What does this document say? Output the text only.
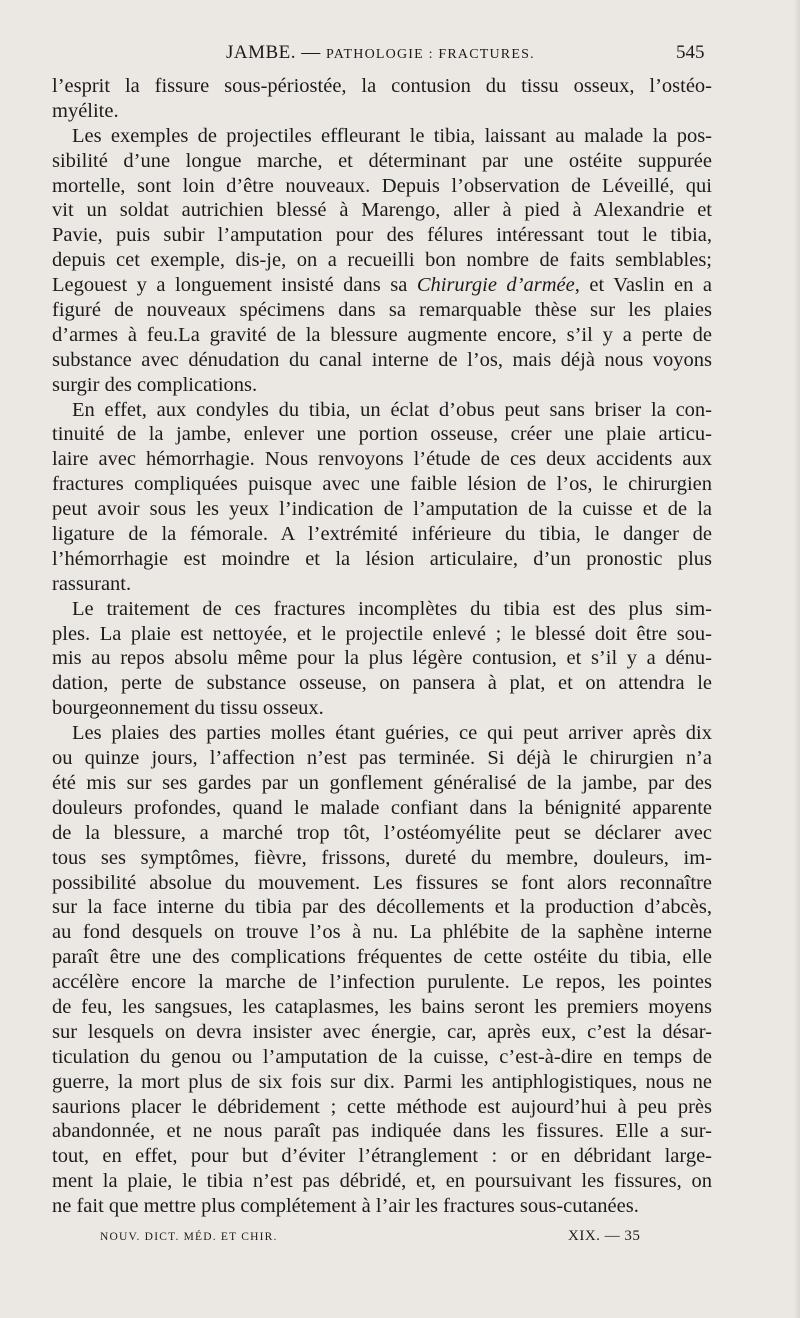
JAMBE. — PATHOLOGIE : FRACTURES.	545
l’esprit la fissure sous-périostée, la contusion du tissu osseux, l’ostéo-
myélite.
Les exemples de projectiles effleurant le tibia, laissant au malade la pos-
sibilité d’une longue marche, et déterminant par une ostéite suppurée
mortelle, sont loin d’être nouveaux. Depuis l’observation de Léveillé, qui
vit un soldat autrichien blessé à Marengo, aller à pied à Alexandrie et
Pavie, puis subir l’amputation pour des félures intéressant tout le tibia,
depuis cet exemple, dis-je, on a recueilli bon nombre de faits semblables;
Legouest y a longuement insisté dans sa Chirurgie d’armée, et Vaslin en a
figuré de nouveaux spécimens dans sa remarquable thèse sur les plaies
d’armes à feu.La gravité de la blessure augmente encore, s’il y a perte de
substance avec dénudation du canal interne de l’os, mais déjà nous voyons
surgir des complications.
En effet, aux condyles du tibia, un éclat d’obus peut sans briser la con-
tinuité de la jambe, enlever une portion osseuse, créer une plaie articu-
laire avec hémorrhagie. Nous renvoyons l’étude de ces deux accidents aux
fractures compliquées puisque avec une faible lésion de l’os, le chirurgien
peut avoir sous les yeux l’indication de l’amputation de la cuisse et de la
ligature de la fémorale. A l’extrémité inférieure du tibia, le danger de
l’hémorrhagie est moindre et la lésion articulaire, d’un pronostic plus
rassurant.
Le traitement de ces fractures incomplètes du tibia est des plus sim-
ples. La plaie est nettoyée, et le projectile enlevé ; le blessé doit être sou-
mis au repos absolu même pour la plus légère contusion, et s’il y a dénu-
dation, perte de substance osseuse, on pansera à plat, et on attendra le
bourgeonnement du tissu osseux.
Les plaies des parties molles étant guéries, ce qui peut arriver après dix
ou quinze jours, l’affection n’est pas terminée. Si déjà le chirurgien n’a
été mis sur ses gardes par un gonflement généralisé de la jambe, par des
douleurs profondes, quand le malade confiant dans la bénignité apparente
de la blessure, a marché trop tôt, l’ostéomyélite peut se déclarer avec
tous ses symptômes, fièvre, frissons, dureté du membre, douleurs, im-
possibilité absolue du mouvement. Les fissures se font alors reconnaître
sur la face interne du tibia par des décollements et la production d’abcès,
au fond desquels on trouve l’os à nu. La phlébite de la saphène interne
paraît être une des complications fréquentes de cette ostéite du tibia, elle
accélère encore la marche de l’infection purulente. Le repos, les pointes
de feu, les sangsues, les cataplasmes, les bains seront les premiers moyens
sur lesquels on devra insister avec énergie, car, après eux, c’est la désar-
ticulation du genou ou l’amputation de la cuisse, c’est-à-dire en temps de
guerre, la mort plus de six fois sur dix. Parmi les antiphlogistiques, nous ne
saurions placer le débridement ; cette méthode est aujourd’hui à peu près
abandonnée, et ne nous paraît pas indiquée dans les fissures. Elle a sur-
tout, en effet, pour but d’éviter l’étranglement : or en débridant large-
ment la plaie, le tibia n’est pas débridé, et, en poursuivant les fissures, on
ne fait que mettre plus complétement à l’air les fractures sous-cutanées.
NOUV. DICT. MÉD. ET CHIR.	XIX. — 35
